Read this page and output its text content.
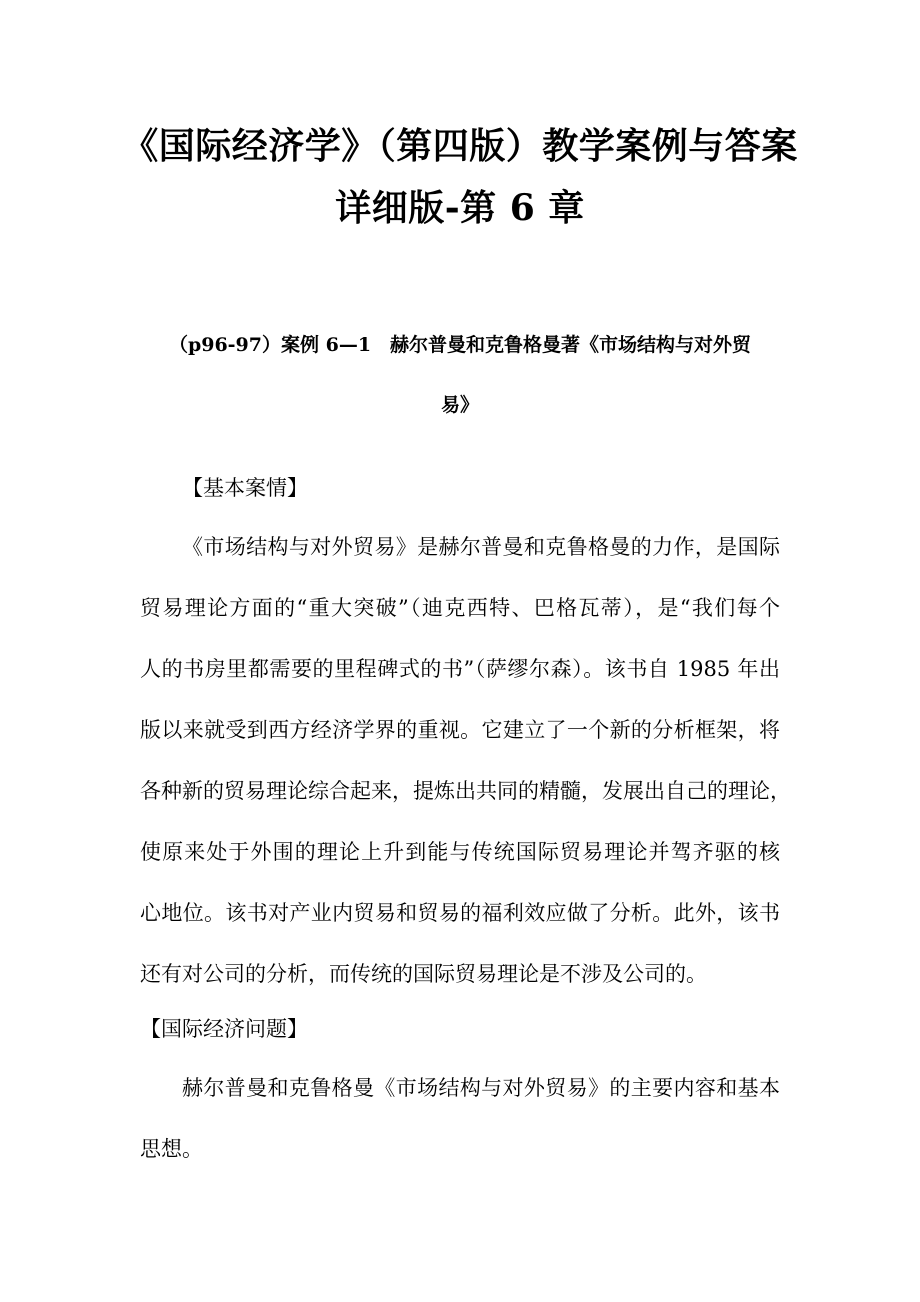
《国际经济学》（第四版）教学案例与答案
详细版-第 6 章
（p96-97）案例 6—1　赫尔普曼和克鲁格曼著《市场结构与对外贸
易》
【基本案情】
《市场结构与对外贸易》是赫尔普曼和克鲁格曼的力作，是国际
贸易理论方面的“重大突破”（迪克西特、巴格瓦蒂），是“我们每个
人的书房里都需要的里程碑式的书”（萨缪尔森）。该书自 1985 年出
版以来就受到西方经济学界的重视。它建立了一个新的分析框架，将
各种新的贸易理论综合起来，提炼出共同的精髓，发展出自己的理论，
使原来处于外围的理论上升到能与传统国际贸易理论并驾齐驱的核
心地位。该书对产业内贸易和贸易的福利效应做了分析。此外，该书
还有对公司的分析，而传统的国际贸易理论是不涉及公司的。
【国际经济问题】
赫尔普曼和克鲁格曼《市场结构与对外贸易》的主要内容和基本
思想。
